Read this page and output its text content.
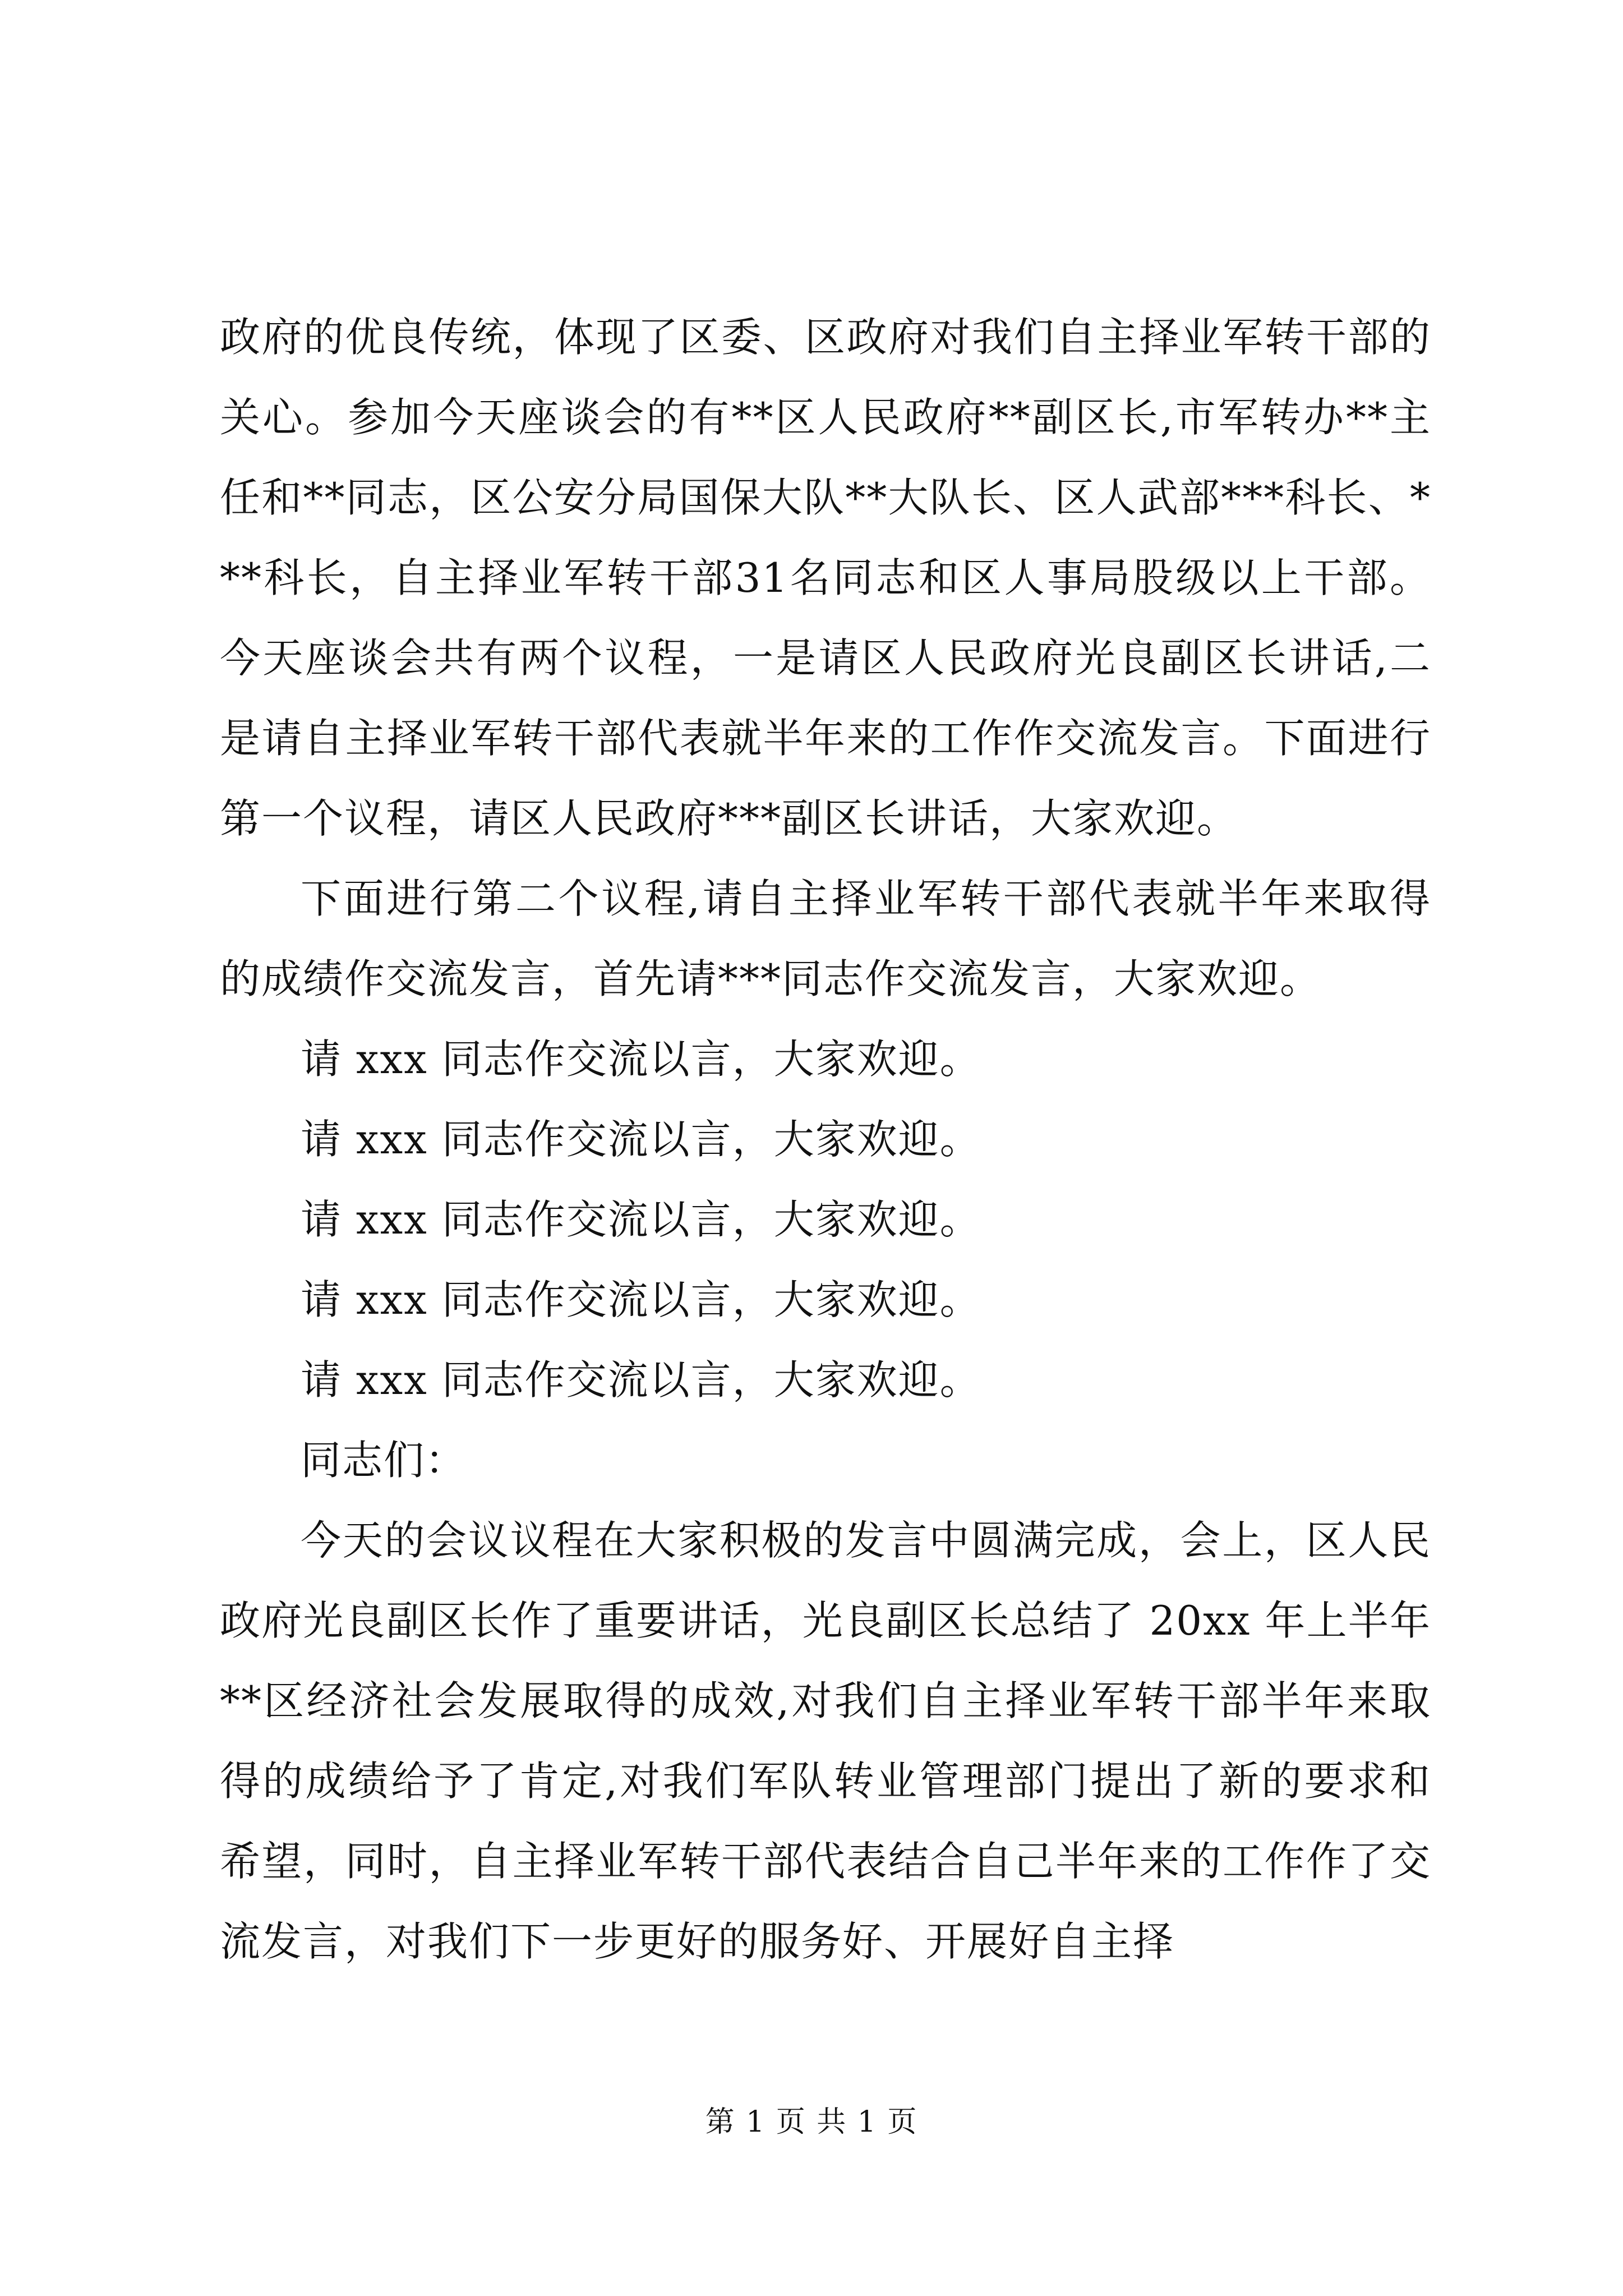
政府的优良传统，体现了区委、区政府对我们自主择业军转干部的关心。参加今天座谈会的有**区人民政府**副区长,市军转办**主任和**同志，区公安分局国保大队**大队长、区人武部***科长、***科长，自主择业军转干部31名同志和区人事局股级以上干部。今天座谈会共有两个议程，一是请区人民政府光良副区长讲话,二是请自主择业军转干部代表就半年来的工作作交流发言。下面进行第一个议程，请区人民政府***副区长讲话，大家欢迎。

下面进行第二个议程,请自主择业军转干部代表就半年来取得的成绩作交流发言，首先请***同志作交流发言，大家欢迎。

请 xxx 同志作交流以言，大家欢迎。

请 xxx 同志作交流以言，大家欢迎。

请 xxx 同志作交流以言，大家欢迎。

请 xxx 同志作交流以言，大家欢迎。

请 xxx 同志作交流以言，大家欢迎。

同志们：

今天的会议议程在大家积极的发言中圆满完成，会上，区人民政府光良副区长作了重要讲话，光良副区长总结了 20xx 年上半年**区经济社会发展取得的成效,对我们自主择业军转干部半年来取得的成绩给予了肯定,对我们军队转业管理部门提出了新的要求和希望，同时，自主择业军转干部代表结合自己半年来的工作作了交流发言，对我们下一步更好的服务好、开展好自主择

第 1 页 共 1 页
